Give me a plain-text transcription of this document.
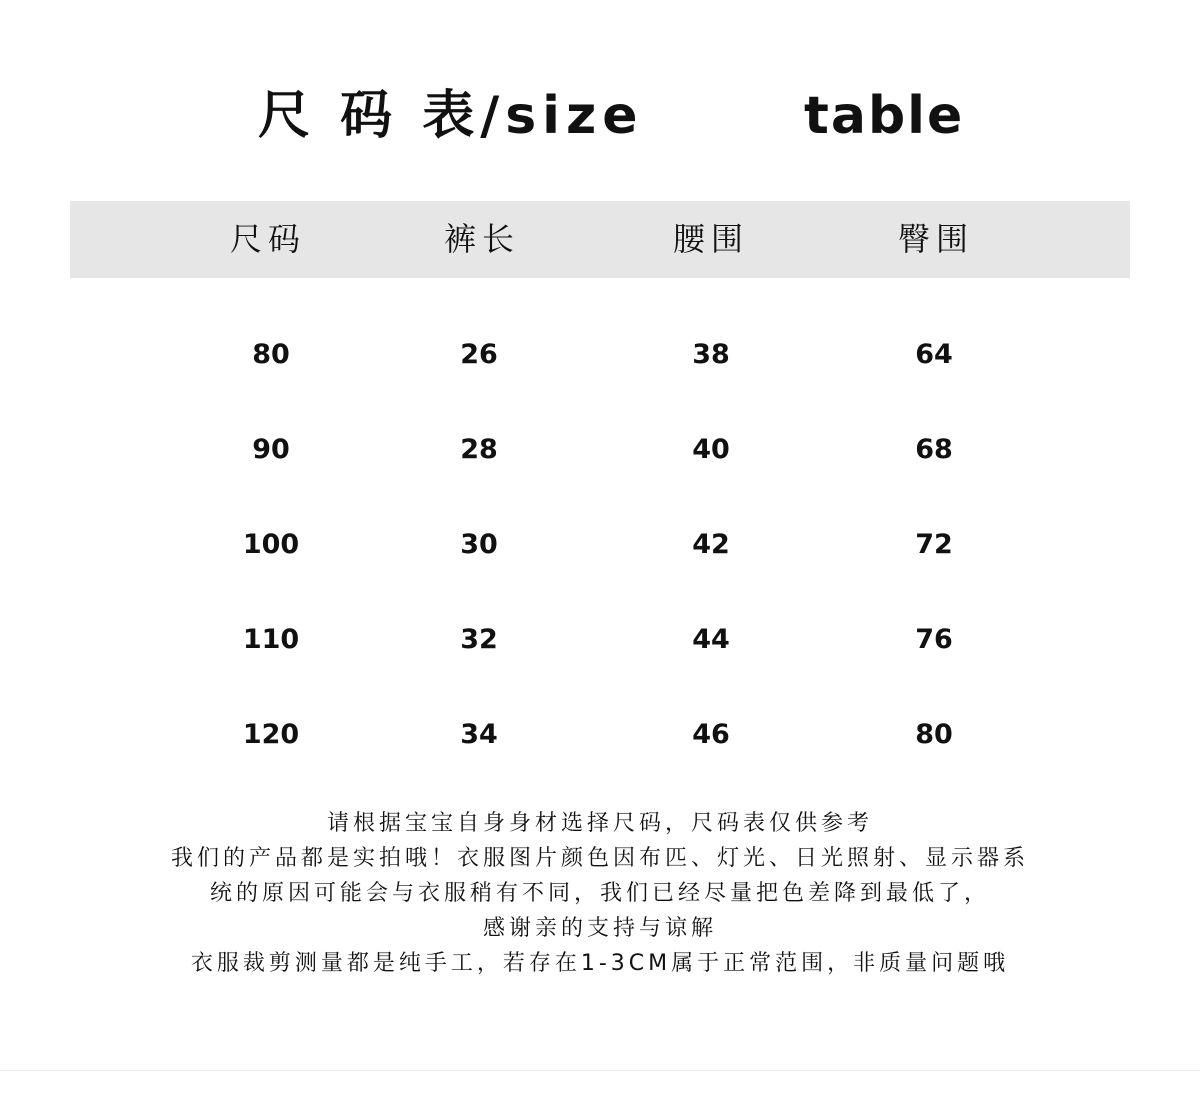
尺 码 表/size	table
尺码	裤长	腰围	臀围
80	26	38	64
90	28	40	68
100	30	42	72
110	32	44	76
120	34	46	80
请根据宝宝自身身材选择尺码，尺码表仅供参考
我们的产品都是实拍哦！衣服图片颜色因布匹、灯光、日光照射、显示器系
统的原因可能会与衣服稍有不同，我们已经尽量把色差降到最低了，
感谢亲的支持与谅解
衣服裁剪测量都是纯手工，若存在1-3CM属于正常范围，非质量问题哦
